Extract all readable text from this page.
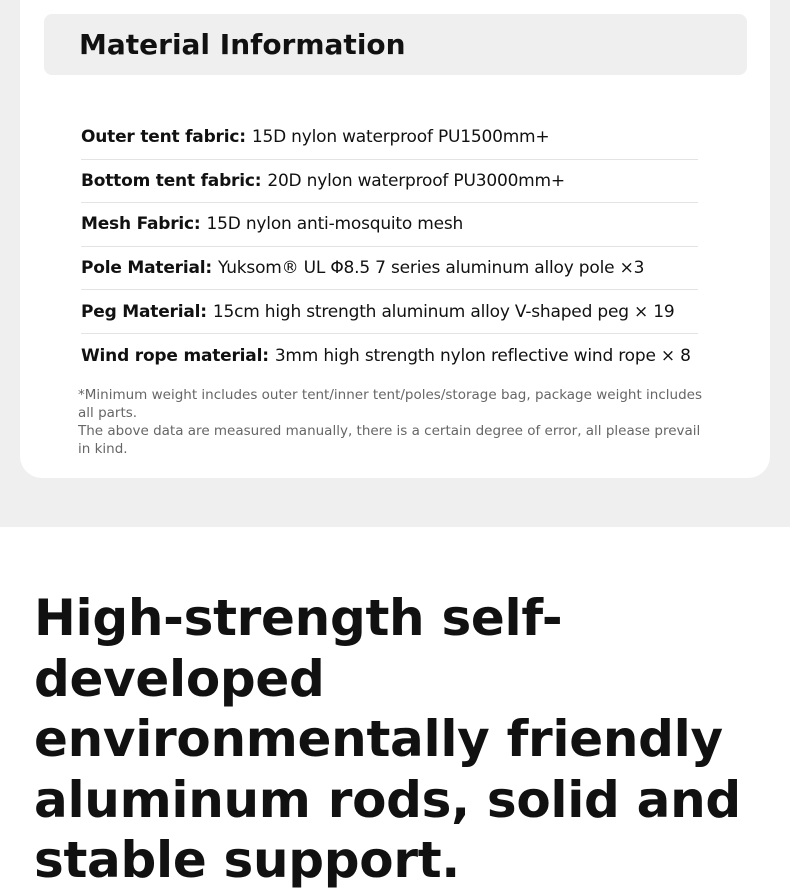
Material Information
Outer tent fabric: 15D nylon waterproof PU1500mm+
Bottom tent fabric: 20D nylon waterproof PU3000mm+
Mesh Fabric: 15D nylon anti-mosquito mesh
Pole Material: Yuksom® UL Φ8.5 7 series aluminum alloy pole ×3
Peg Material: 15cm high strength aluminum alloy V-shaped peg × 19
Wind rope material: 3mm high strength nylon reflective wind rope × 8

*Minimum weight includes outer tent/inner tent/poles/storage bag, package weight includes all parts.

The above data are measured manually, there is a certain degree of error, all please prevail in kind.

High-strength self-developed environmentally friendly aluminum rods, solid and stable support.
